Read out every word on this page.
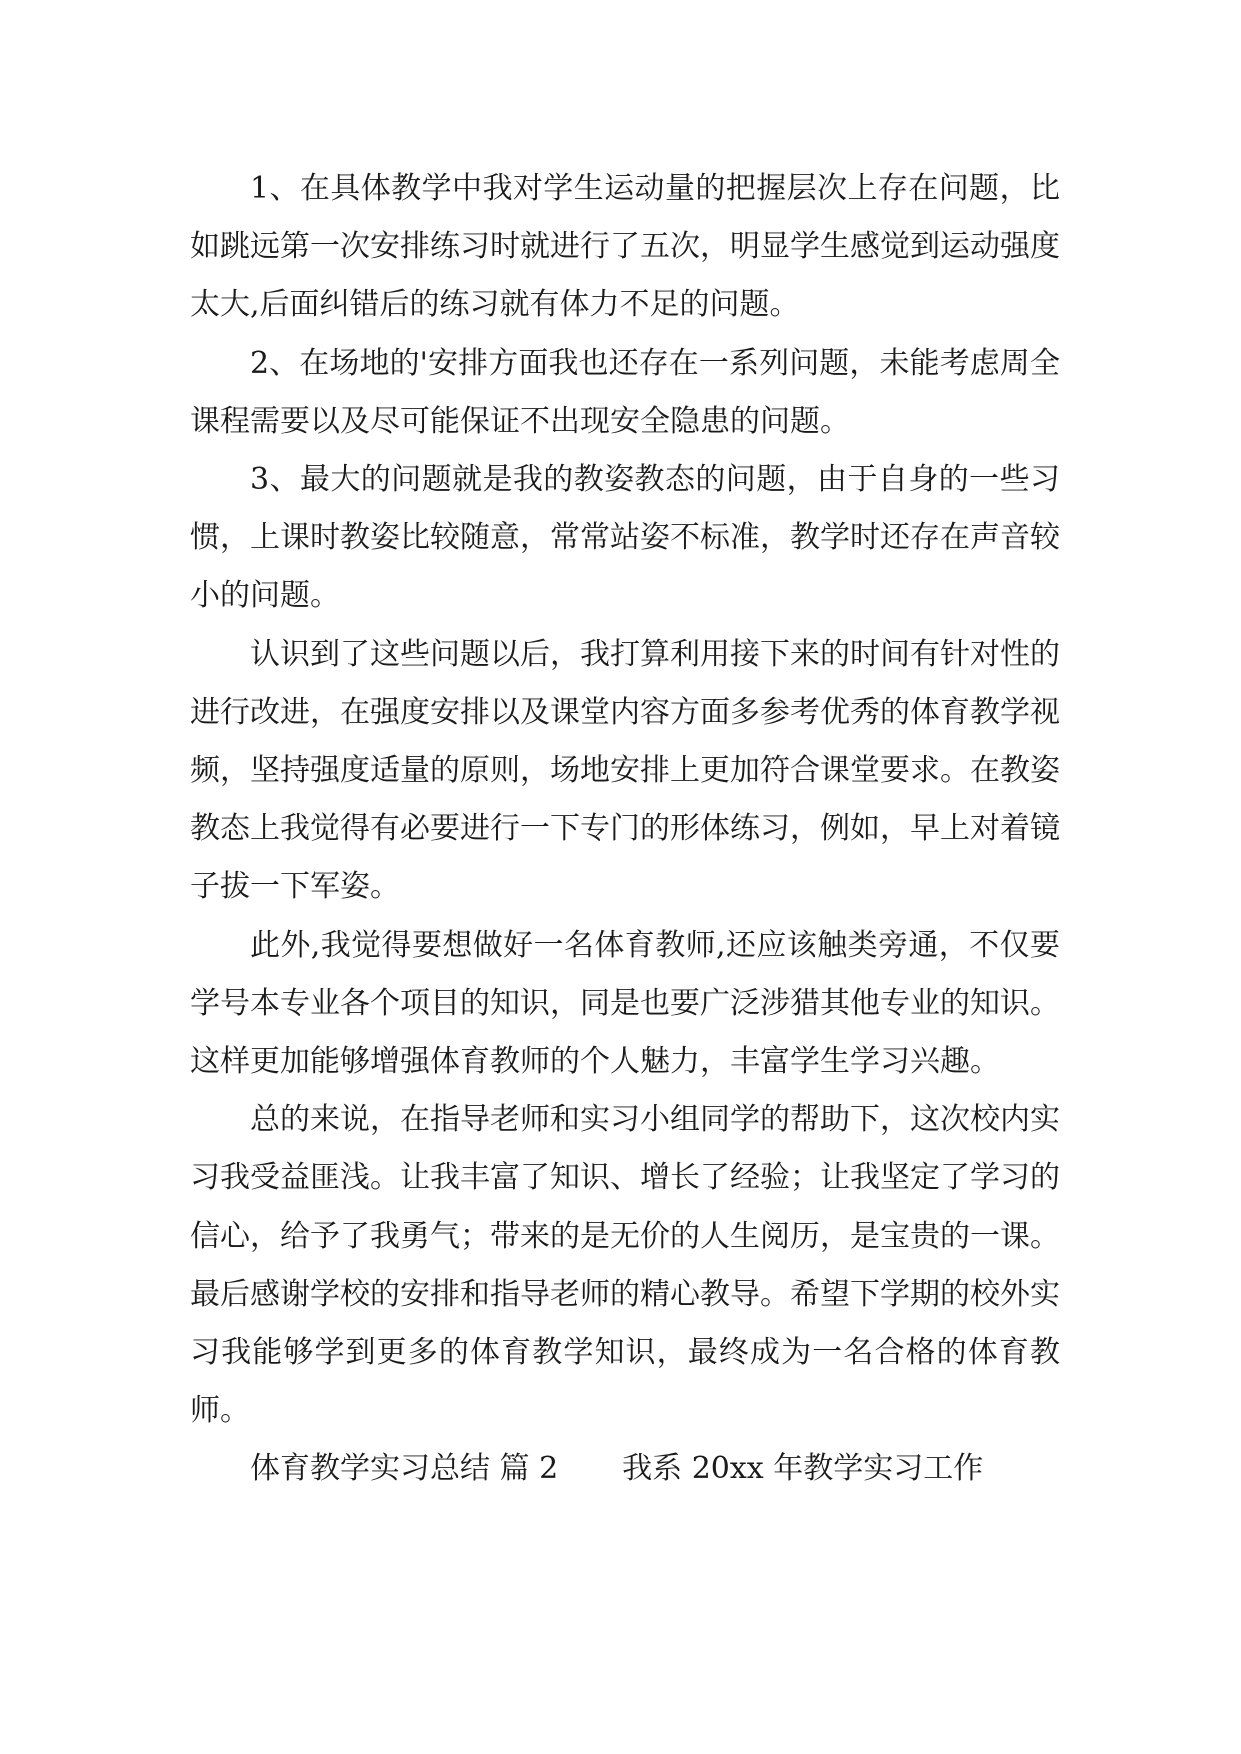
1、在具体教学中我对学生运动量的把握层次上存在问题，比如跳远第一次安排练习时就进行了五次，明显学生感觉到运动强度太大,后面纠错后的练习就有体力不足的问题。

2、在场地的'安排方面我也还存在一系列问题，未能考虑周全课程需要以及尽可能保证不出现安全隐患的问题。

3、最大的问题就是我的教姿教态的问题，由于自身的一些习惯，上课时教姿比较随意，常常站姿不标准，教学时还存在声音较小的问题。

认识到了这些问题以后，我打算利用接下来的时间有针对性的进行改进，在强度安排以及课堂内容方面多参考优秀的体育教学视频，坚持强度适量的原则，场地安排上更加符合课堂要求。在教姿教态上我觉得有必要进行一下专门的形体练习，例如，早上对着镜子拔一下军姿。

此外,我觉得要想做好一名体育教师,还应该触类旁通，不仅要学号本专业各个项目的知识，同是也要广泛涉猎其他专业的知识。这样更加能够增强体育教师的个人魅力，丰富学生学习兴趣。

总的来说，在指导老师和实习小组同学的帮助下，这次校内实习我受益匪浅。让我丰富了知识、增长了经验；让我坚定了学习的信心，给予了我勇气；带来的是无价的人生阅历，是宝贵的一课。最后感谢学校的安排和指导老师的精心教导。希望下学期的校外实习我能够学到更多的体育教学知识，最终成为一名合格的体育教师。

体育教学实习总结 篇 2 我系 20xx 年教学实习工作
